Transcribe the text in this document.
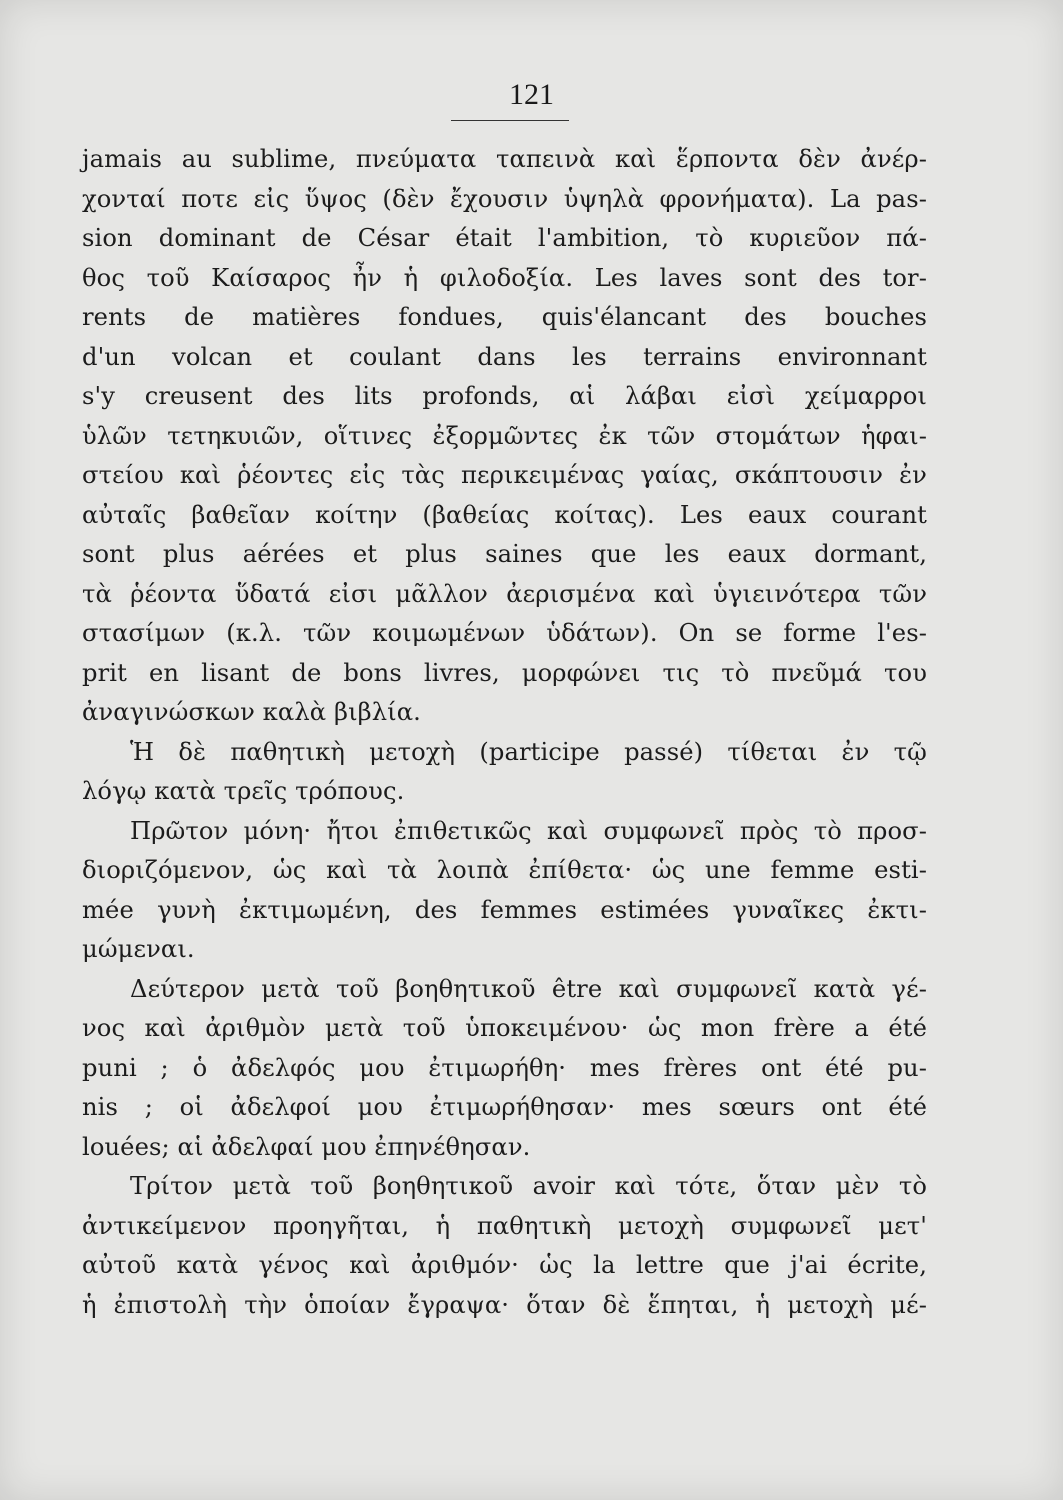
121
jamais au sublime, πνεύματα ταπεινὰ καὶ ἕρποντα δὲν ἀνέρ-
χονταί ποτε εἰς ὕψος (δὲν ἔχουσιν ὑψηλὰ φρονήματα). La pas-
sion dominant de César était l'ambition, τὸ κυριεῦον πά-
θος τοῦ Καίσαρος ἦν ἡ φιλοδοξία. Les laves sont des tor-
rents de matières fondues, quis'élancant des bouches
d'un volcan et coulant dans les terrains environnant
s'y creusent des lits profonds, αἱ λάβαι εἰσὶ χείμαρροι
ὑλῶν τετηκυιῶν, οἵτινες ἐξορμῶντες ἐκ τῶν στομάτων ἡφαι-
στείου καὶ ῥέοντες εἰς τὰς περικειμένας γαίας, σκάπτουσιν ἐν
αὐταῖς βαθεῖαν κοίτην (βαθείας κοίτας). Les eaux courant
sont plus aérées et plus saines que les eaux dormant,
τὰ ῥέοντα ὕδατά εἰσι μᾶλλον ἀερισμένα καὶ ὑγιεινότερα τῶν
στασίμων (κ.λ. τῶν κοιμωμένων ὑδάτων). On se forme l'es-
prit en lisant de bons livres, μορφώνει τις τὸ πνεῦμά του
ἀναγινώσκων καλὰ βιβλία.
Ἡ δὲ παθητικὴ μετοχὴ (participe passé) τίθεται ἐν τῷ
λόγῳ κατὰ τρεῖς τρόπους.
Πρῶτον μόνη· ἤτοι ἐπιθετικῶς καὶ συμφωνεῖ πρὸς τὸ προσ-
διοριζόμενον, ὡς καὶ τὰ λοιπὰ ἐπίθετα· ὡς une femme esti-
mée γυνὴ ἐκτιμωμένη, des femmes estimées γυναῖκες ἐκτι-
μώμεναι.
Δεύτερον μετὰ τοῦ βοηθητικοῦ être καὶ συμφωνεῖ κατὰ γέ-
νος καὶ ἀριθμὸν μετὰ τοῦ ὑποκειμένου· ὡς mon frère a été
puni ; ὁ ἀδελφός μου ἐτιμωρήθη· mes frères ont été pu-
nis ; οἱ ἀδελφοί μου ἐτιμωρήθησαν· mes sœurs ont été
louées; αἱ ἀδελφαί μου ἐπηνέθησαν.
Τρίτον μετὰ τοῦ βοηθητικοῦ avoir καὶ τότε, ὅταν μὲν τὸ
ἀντικείμενον προηγῆται, ἡ παθητικὴ μετοχὴ συμφωνεῖ μετ'
αὐτοῦ κατὰ γένος καὶ ἀριθμόν· ὡς la lettre que j'ai écrite,
ἡ ἐπιστολὴ τὴν ὁποίαν ἔγραψα· ὅταν δὲ ἕπηται, ἡ μετοχὴ μέ-
